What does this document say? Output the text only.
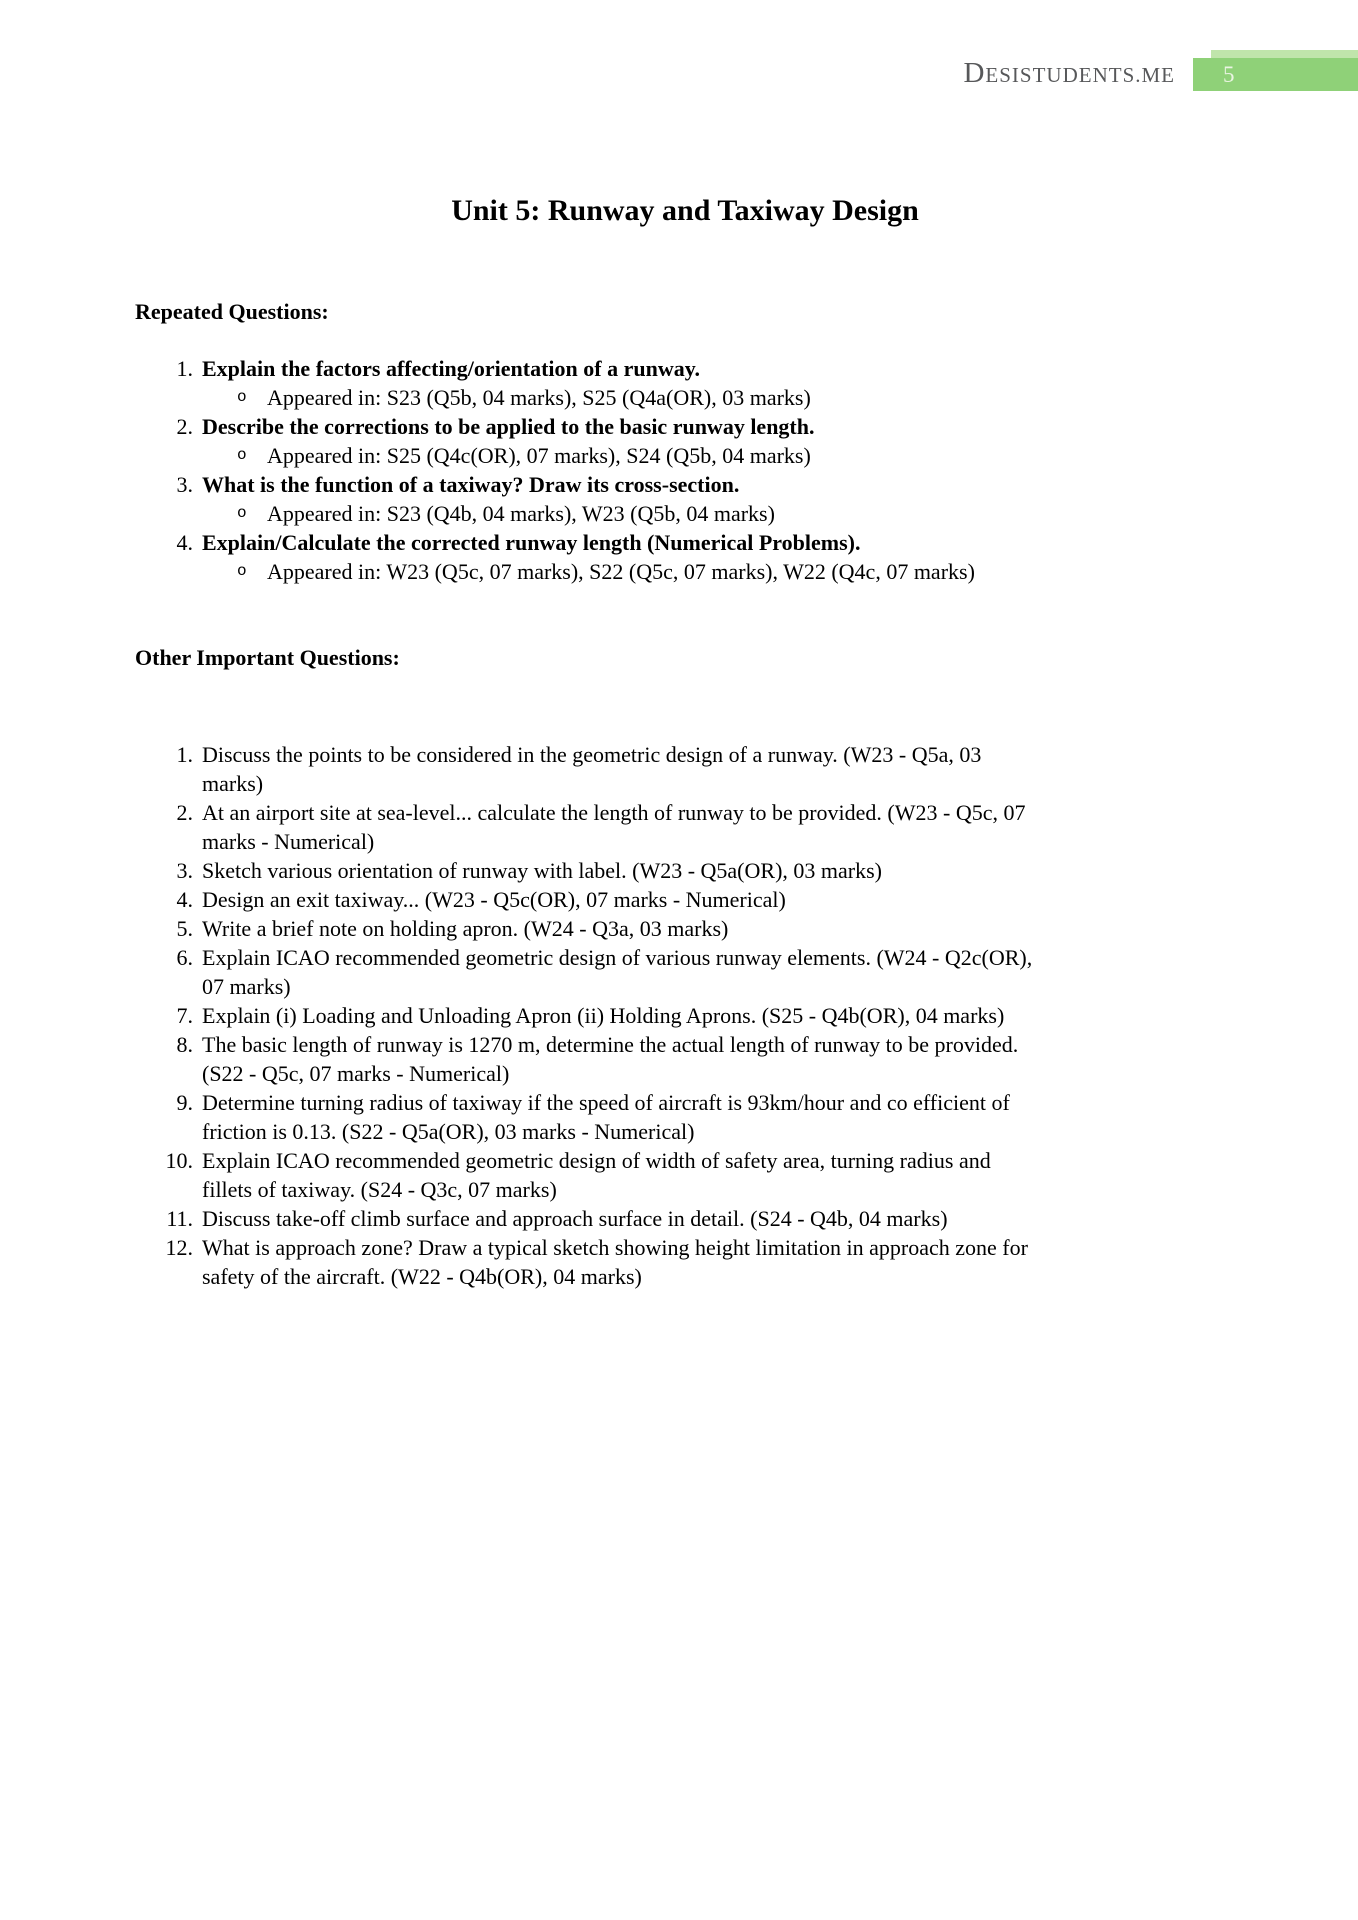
DESISTUDENTS.ME	5
Unit 5: Runway and Taxiway Design
Repeated Questions:
1. Explain the factors affecting/orientation of a runway.
o Appeared in: S23 (Q5b, 04 marks), S25 (Q4a(OR), 03 marks)
2. Describe the corrections to be applied to the basic runway length.
o Appeared in: S25 (Q4c(OR), 07 marks), S24 (Q5b, 04 marks)
3. What is the function of a taxiway? Draw its cross-section.
o Appeared in: S23 (Q4b, 04 marks), W23 (Q5b, 04 marks)
4. Explain/Calculate the corrected runway length (Numerical Problems).
o Appeared in: W23 (Q5c, 07 marks), S22 (Q5c, 07 marks), W22 (Q4c, 07 marks)
Other Important Questions:
1. Discuss the points to be considered in the geometric design of a runway. (W23 - Q5a, 03
marks)
2. At an airport site at sea-level... calculate the length of runway to be provided. (W23 - Q5c, 07
marks - Numerical)
3. Sketch various orientation of runway with label. (W23 - Q5a(OR), 03 marks)
4. Design an exit taxiway... (W23 - Q5c(OR), 07 marks - Numerical)
5. Write a brief note on holding apron. (W24 - Q3a, 03 marks)
6. Explain ICAO recommended geometric design of various runway elements. (W24 - Q2c(OR),
07 marks)
7. Explain (i) Loading and Unloading Apron (ii) Holding Aprons. (S25 - Q4b(OR), 04 marks)
8. The basic length of runway is 1270 m, determine the actual length of runway to be provided.
(S22 - Q5c, 07 marks - Numerical)
9. Determine turning radius of taxiway if the speed of aircraft is 93km/hour and co efficient of
friction is 0.13. (S22 - Q5a(OR), 03 marks - Numerical)
10. Explain ICAO recommended geometric design of width of safety area, turning radius and
fillets of taxiway. (S24 - Q3c, 07 marks)
11. Discuss take-off climb surface and approach surface in detail. (S24 - Q4b, 04 marks)
12. What is approach zone? Draw a typical sketch showing height limitation in approach zone for
safety of the aircraft. (W22 - Q4b(OR), 04 marks)
